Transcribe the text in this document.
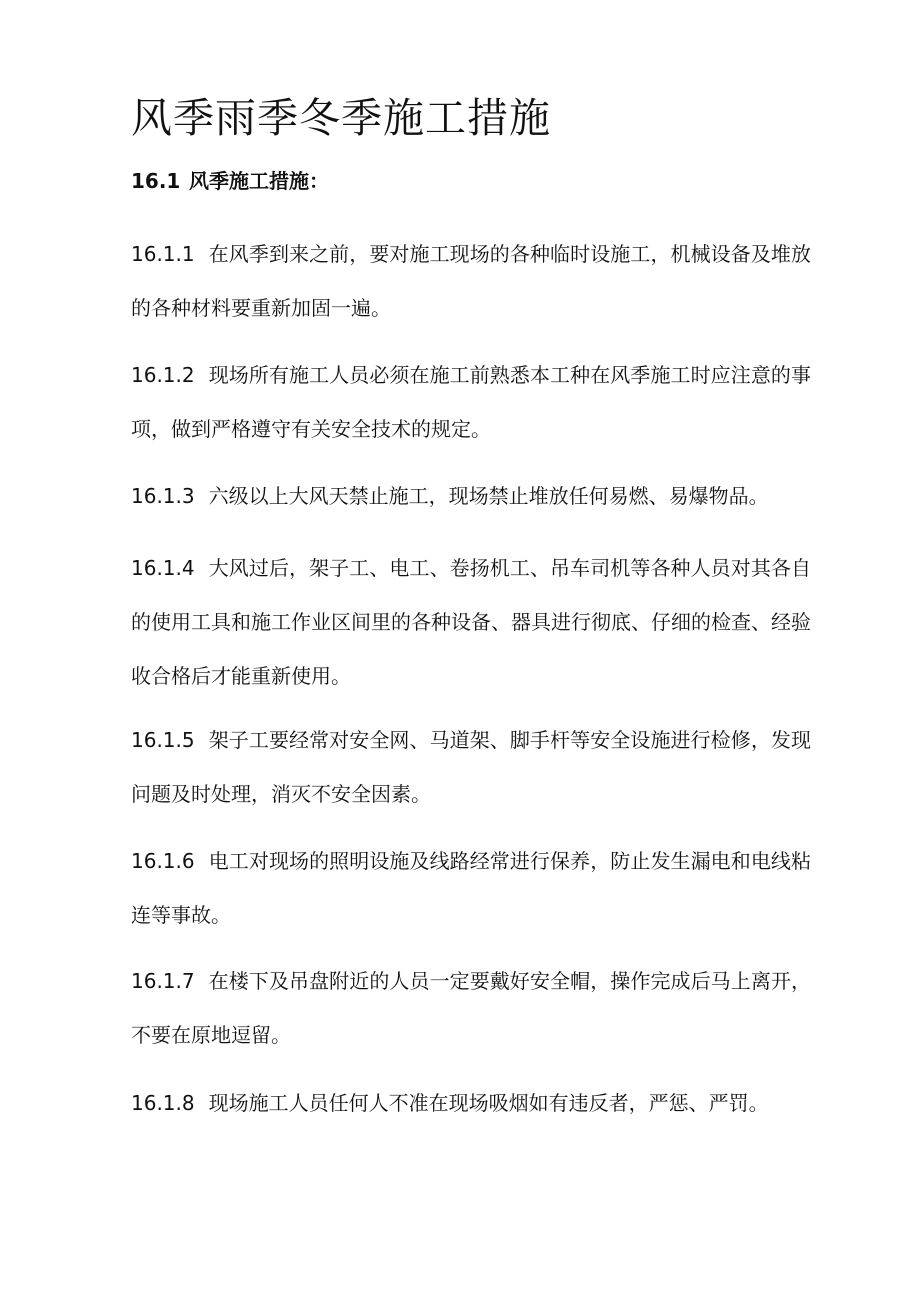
风季雨季冬季施工措施
16.1 风季施工措施：
16.1.1 在风季到来之前，要对施工现场的各种临时设施工，机械设备及堆放的各种材料要重新加固一遍。
16.1.2 现场所有施工人员必须在施工前熟悉本工种在风季施工时应注意的事项，做到严格遵守有关安全技术的规定。
16.1.3 六级以上大风天禁止施工，现场禁止堆放任何易燃、易爆物品。
16.1.4 大风过后，架子工、电工、卷扬机工、吊车司机等各种人员对其各自的使用工具和施工作业区间里的各种设备、器具进行彻底、仔细的检查、经验收合格后才能重新使用。
16.1.5 架子工要经常对安全网、马道架、脚手杆等安全设施进行检修，发现问题及时处理，消灭不安全因素。
16.1.6 电工对现场的照明设施及线路经常进行保养，防止发生漏电和电线粘连等事故。
16.1.7 在楼下及吊盘附近的人员一定要戴好安全帽，操作完成后马上离开，不要在原地逗留。
16.1.8 现场施工人员任何人不准在现场吸烟如有违反者，严惩、严罚。
